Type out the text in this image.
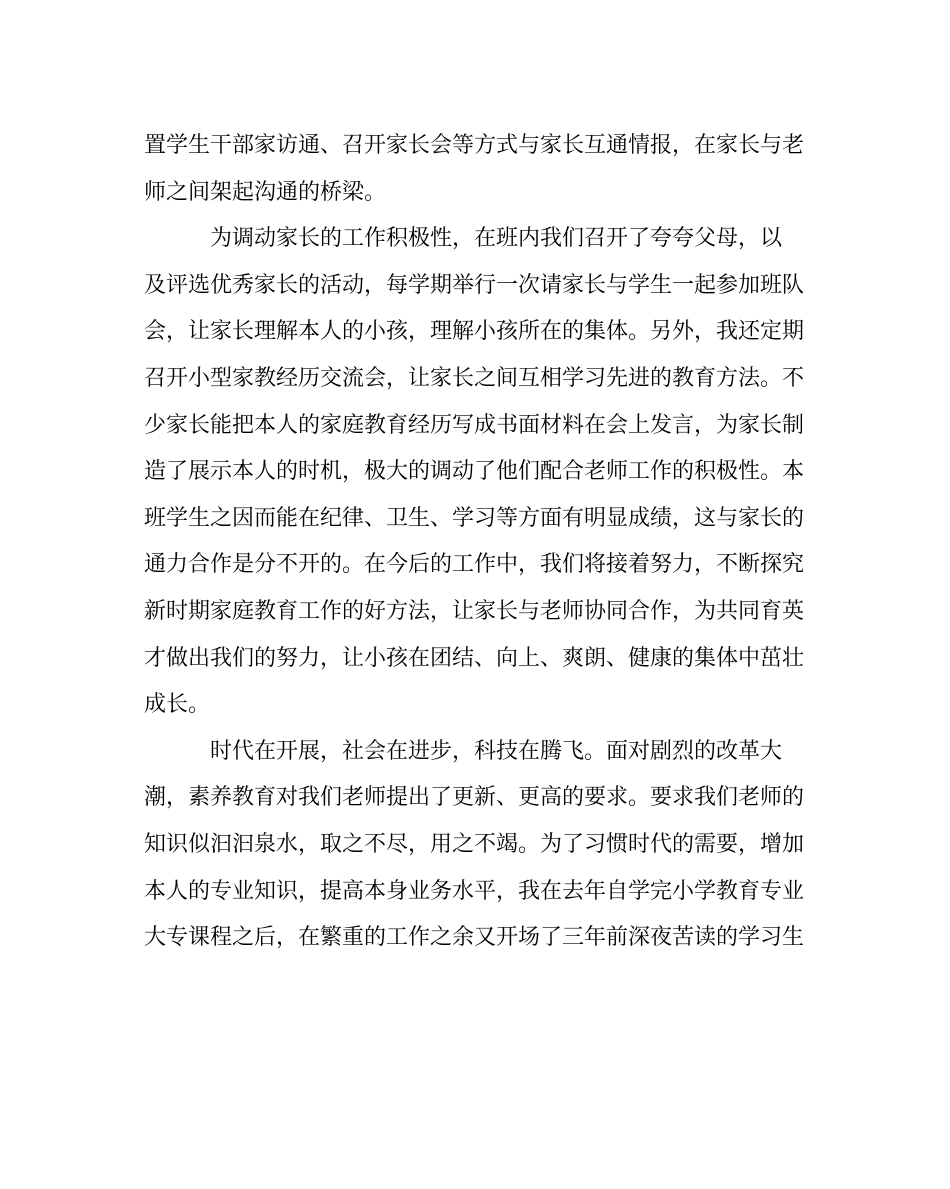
置学生干部家访通、召开家长会等方式与家长互通情报，在家长与老
师之间架起沟通的桥梁。

为调动家长的工作积极性，在班内我们召开了夸夸父母，以
及评选优秀家长的活动，每学期举行一次请家长与学生一起参加班队
会，让家长理解本人的小孩，理解小孩所在的集体。另外，我还定期
召开小型家教经历交流会，让家长之间互相学习先进的教育方法。不
少家长能把本人的家庭教育经历写成书面材料在会上发言，为家长制
造了展示本人的时机，极大的调动了他们配合老师工作的积极性。本
班学生之因而能在纪律、卫生、学习等方面有明显成绩，这与家长的
通力合作是分不开的。在今后的工作中，我们将接着努力，不断探究
新时期家庭教育工作的好方法，让家长与老师协同合作，为共同育英
才做出我们的努力，让小孩在团结、向上、爽朗、健康的集体中茁壮
成长。

时代在开展，社会在进步，科技在腾飞。面对剧烈的改革大
潮，素养教育对我们老师提出了更新、更高的要求。要求我们老师的
知识似汩汩泉水，取之不尽，用之不竭。为了习惯时代的需要，增加
本人的专业知识，提高本身业务水平，我在去年自学完小学教育专业
大专课程之后，在繁重的工作之余又开场了三年前深夜苦读的学习生
